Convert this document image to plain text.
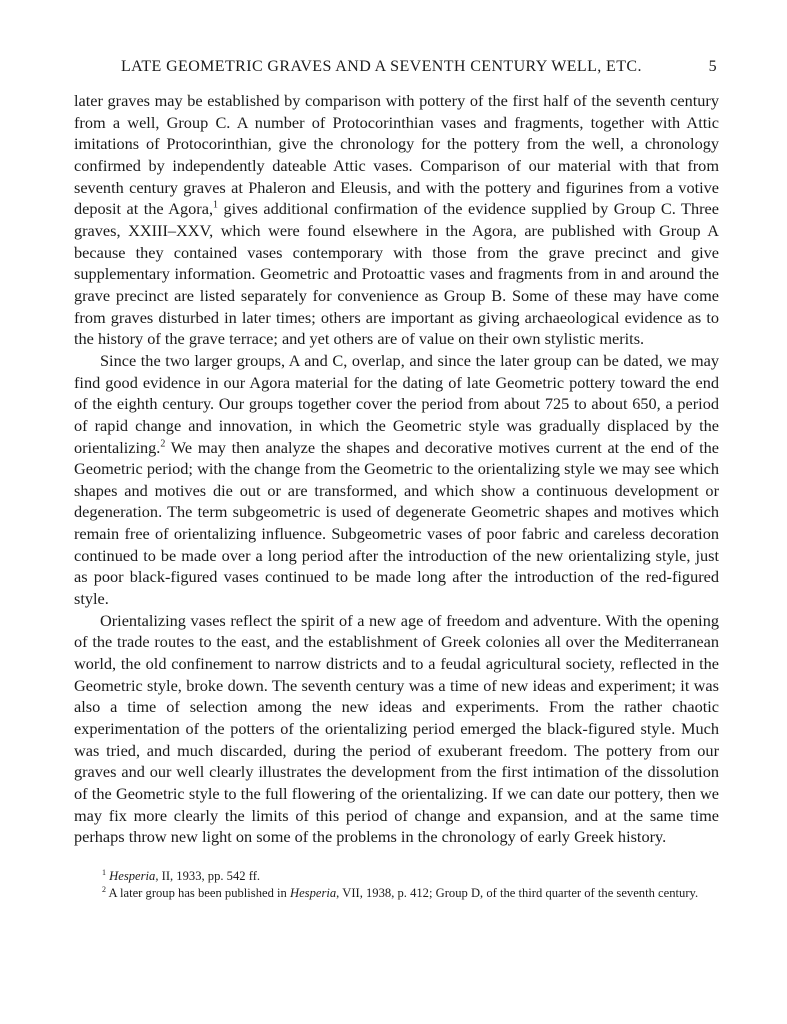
LATE GEOMETRIC GRAVES AND A SEVENTH CENTURY WELL, ETC.	5

later graves may be established by comparison with pottery of the first half of the seventh century from a well, Group C. A number of Protocorinthian vases and fragments, together with Attic imitations of Protocorinthian, give the chronology for the pottery from the well, a chronology confirmed by independently dateable Attic vases. Comparison of our material with that from seventh century graves at Phaleron and Eleusis, and with the pottery and figurines from a votive deposit at the Agora,$^1$ gives additional confirmation of the evidence supplied by Group C. Three graves, XXIII–XXV, which were found elsewhere in the Agora, are published with Group A because they contained vases contemporary with those from the grave precinct and give supplementary information. Geometric and Protoattic vases and fragments from in and around the grave precinct are listed separately for convenience as Group B. Some of these may have come from graves disturbed in later times; others are important as giving archaeological evidence as to the history of the grave terrace; and yet others are of value on their own stylistic merits.

Since the two larger groups, A and C, overlap, and since the later group can be dated, we may find good evidence in our Agora material for the dating of late Geometric pottery toward the end of the eighth century. Our groups together cover the period from about 725 to about 650, a period of rapid change and innovation, in which the Geometric style was gradually displaced by the orientalizing.$^2$ We may then analyze the shapes and decorative motives current at the end of the Geometric period; with the change from the Geometric to the orientalizing style we may see which shapes and motives die out or are transformed, and which show a continuous development or degeneration. The term subgeometric is used of degenerate Geometric shapes and motives which remain free of orientalizing influence. Subgeometric vases of poor fabric and careless decoration continued to be made over a long period after the introduction of the new orientalizing style, just as poor black-figured vases continued to be made long after the introduction of the red-figured style.

Orientalizing vases reflect the spirit of a new age of freedom and adventure. With the opening of the trade routes to the east, and the establishment of Greek colonies all over the Mediterranean world, the old confinement to narrow districts and to a feudal agricultural society, reflected in the Geometric style, broke down. The seventh century was a time of new ideas and experiment; it was also a time of selection among the new ideas and experiments. From the rather chaotic experimentation of the potters of the orientalizing period emerged the black-figured style. Much was tried, and much discarded, during the period of exuberant freedom. The pottery from our graves and our well clearly illustrates the development from the first intimation of the dissolution of the Geometric style to the full flowering of the orientalizing. If we can date our pottery, then we may fix more clearly the limits of this period of change and expansion, and at the same time perhaps throw new light on some of the problems in the chronology of early Greek history.

$^1$ Hesperia, II, 1933, pp. 542 ff.

$^2$ A later group has been published in Hesperia, VII, 1938, p. 412; Group D, of the third quarter of the seventh century.
